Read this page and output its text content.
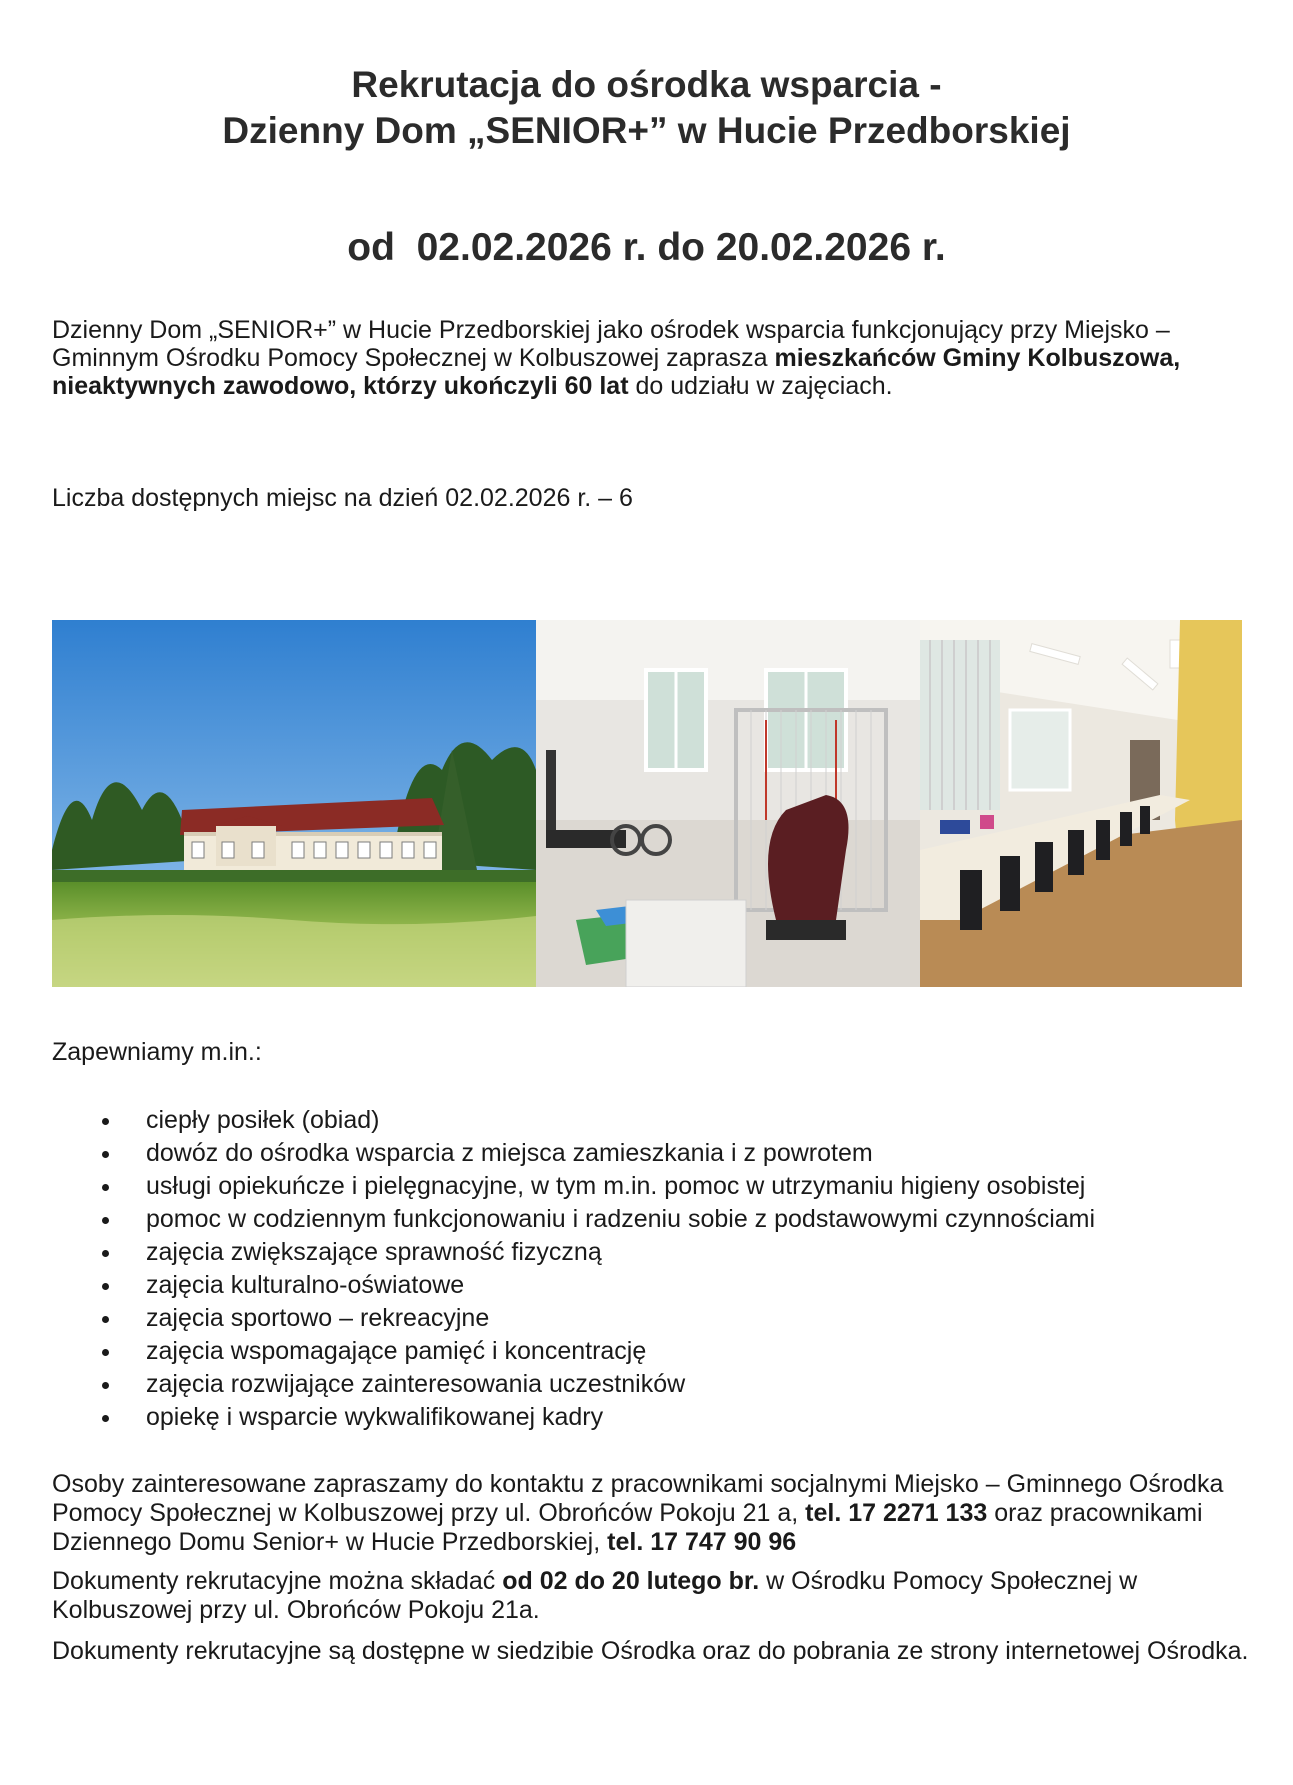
Rekrutacja do ośrodka wsparcia -
Dzienny Dom „SENIOR+” w Hucie Przedborskiej
od  02.02.2026 r. do 20.02.2026 r.
Dzienny Dom „SENIOR+” w Hucie Przedborskiej jako ośrodek wsparcia funkcjonujący przy Miejsko – Gminnym Ośrodku Pomocy Społecznej w Kolbuszowej zaprasza mieszkańców Gminy Kolbuszowa, nieaktywnych zawodowo, którzy ukończyli 60 lat do udziału w zajęciach.
Liczba dostępnych miejsc na dzień 02.02.2026 r. – 6
Zapewniamy m.in.:
ciepły posiłek (obiad)
dowóz do ośrodka wsparcia z miejsca zamieszkania i z powrotem
usługi opiekuńcze i pielęgnacyjne, w tym m.in. pomoc w utrzymaniu higieny osobistej
pomoc w codziennym funkcjonowaniu i radzeniu sobie z podstawowymi czynnościami
zajęcia zwiększające sprawność fizyczną
zajęcia kulturalno-oświatowe
zajęcia sportowo – rekreacyjne
zajęcia wspomagające pamięć i koncentrację
zajęcia rozwijające zainteresowania uczestników
opiekę i wsparcie wykwalifikowanej kadry
Osoby zainteresowane zapraszamy do kontaktu z pracownikami socjalnymi Miejsko – Gminnego Ośrodka Pomocy Społecznej w Kolbuszowej przy ul. Obrońców Pokoju 21 a, tel. 17 2271 133 oraz pracownikami Dziennego Domu Senior+ w Hucie Przedborskiej, tel. 17 747 90 96
Dokumenty rekrutacyjne można składać od 02 do 20 lutego br. w Ośrodku Pomocy Społecznej w Kolbuszowej przy ul. Obrońców Pokoju 21a.
Dokumenty rekrutacyjne są dostępne w siedzibie Ośrodka oraz do pobrania ze strony internetowej Ośrodka.
